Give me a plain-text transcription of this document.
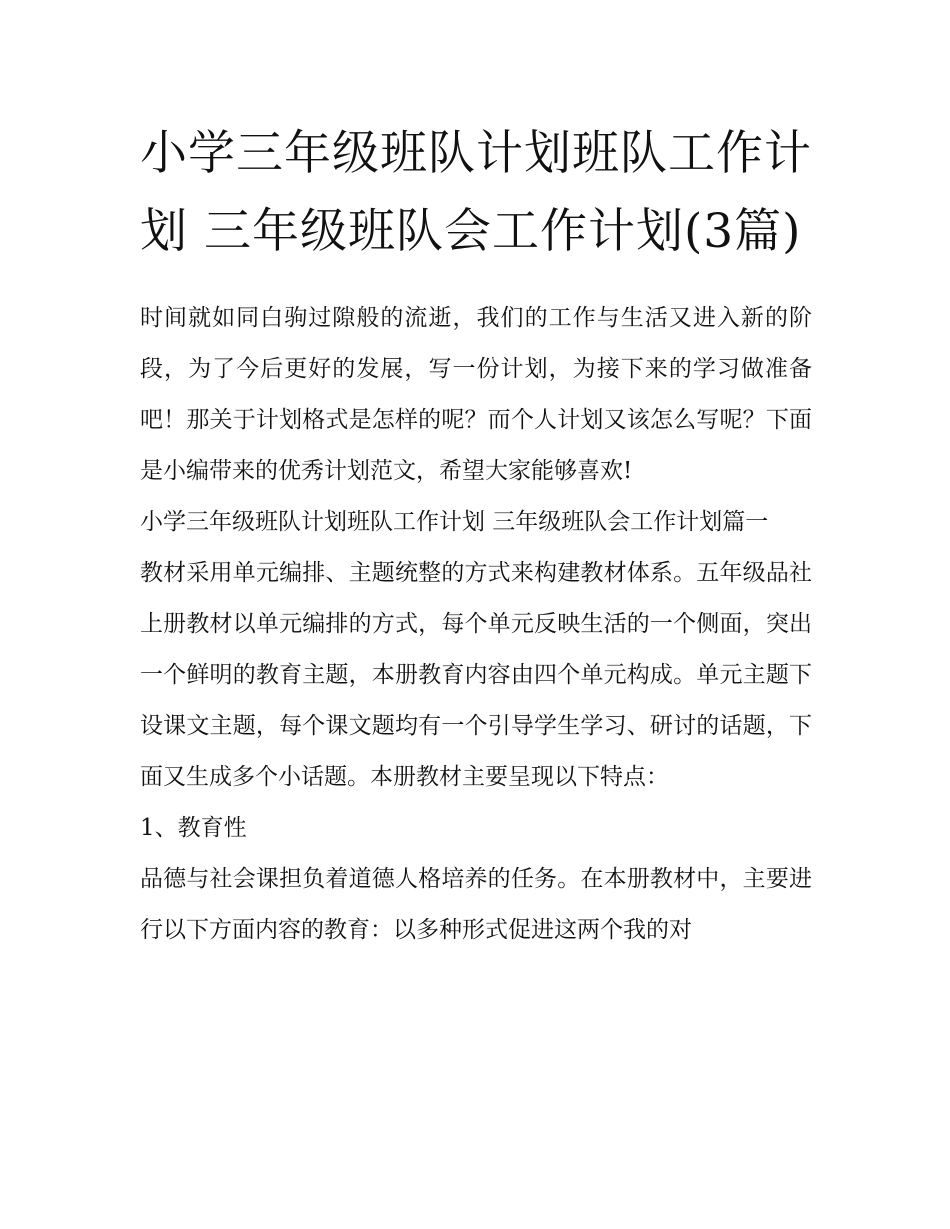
小学三年级班队计划班队工作计划 三年级班队会工作计划(3篇)

时间就如同白驹过隙般的流逝，我们的工作与生活又进入新的阶段，为了今后更好的发展，写一份计划，为接下来的学习做准备吧！那关于计划格式是怎样的呢？而个人计划又该怎么写呢？下面是小编带来的优秀计划范文，希望大家能够喜欢!

小学三年级班队计划班队工作计划 三年级班队会工作计划篇一

教材采用单元编排、主题统整的方式来构建教材体系。五年级品社上册教材以单元编排的方式，每个单元反映生活的一个侧面，突出一个鲜明的教育主题，本册教育内容由四个单元构成。单元主题下设课文主题，每个课文题均有一个引导学生学习、研讨的话题，下面又生成多个小话题。本册教材主要呈现以下特点：

1、教育性

品德与社会课担负着道德人格培养的任务。在本册教材中，主要进行以下方面内容的教育：以多种形式促进这两个我的对
